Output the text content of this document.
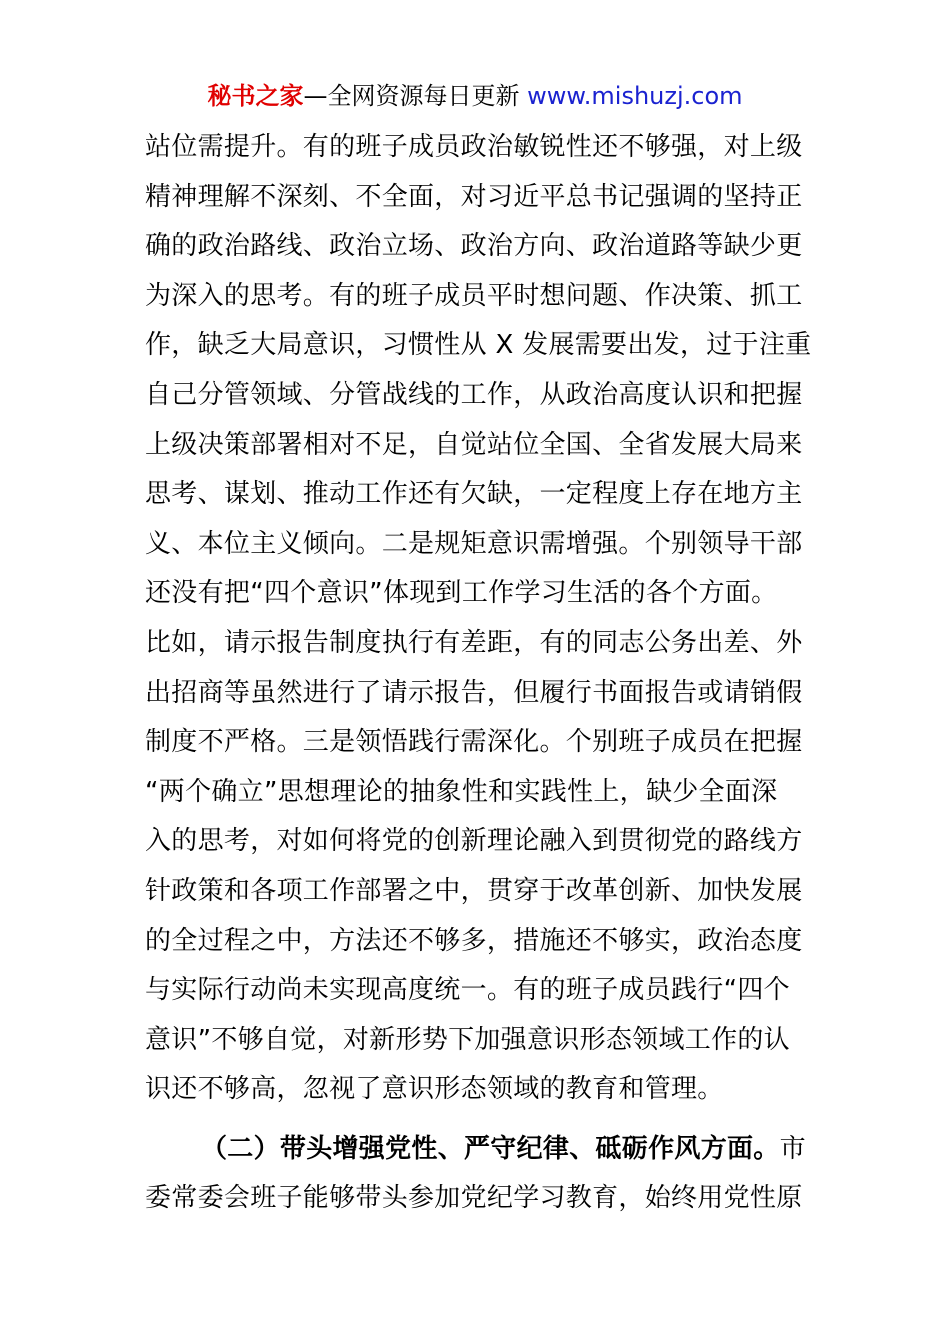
秘书之家—全网资源每日更新 www.mishuzj.com
站位需提升。有的班子成员政治敏锐性还不够强，对上级
精神理解不深刻、不全面，对习近平总书记强调的坚持正
确的政治路线、政治立场、政治方向、政治道路等缺少更
为深入的思考。有的班子成员平时想问题、作决策、抓工
作，缺乏大局意识，习惯性从 X 发展需要出发，过于注重
自己分管领域、分管战线的工作，从政治高度认识和把握
上级决策部署相对不足，自觉站位全国、全省发展大局来
思考、谋划、推动工作还有欠缺，一定程度上存在地方主
义、本位主义倾向。二是规矩意识需增强。个别领导干部
还没有把“四个意识”体现到工作学习生活的各个方面。
比如，请示报告制度执行有差距，有的同志公务出差、外
出招商等虽然进行了请示报告，但履行书面报告或请销假
制度不严格。三是领悟践行需深化。个别班子成员在把握
“两个确立”思想理论的抽象性和实践性上，缺少全面深
入的思考，对如何将党的创新理论融入到贯彻党的路线方
针政策和各项工作部署之中，贯穿于改革创新、加快发展
的全过程之中，方法还不够多，措施还不够实，政治态度
与实际行动尚未实现高度统一。有的班子成员践行“四个
意识”不够自觉，对新形势下加强意识形态领域工作的认
识还不够高，忽视了意识形态领域的教育和管理。
（二）带头增强党性、严守纪律、砥砺作风方面。市
委常委会班子能够带头参加党纪学习教育，始终用党性原
